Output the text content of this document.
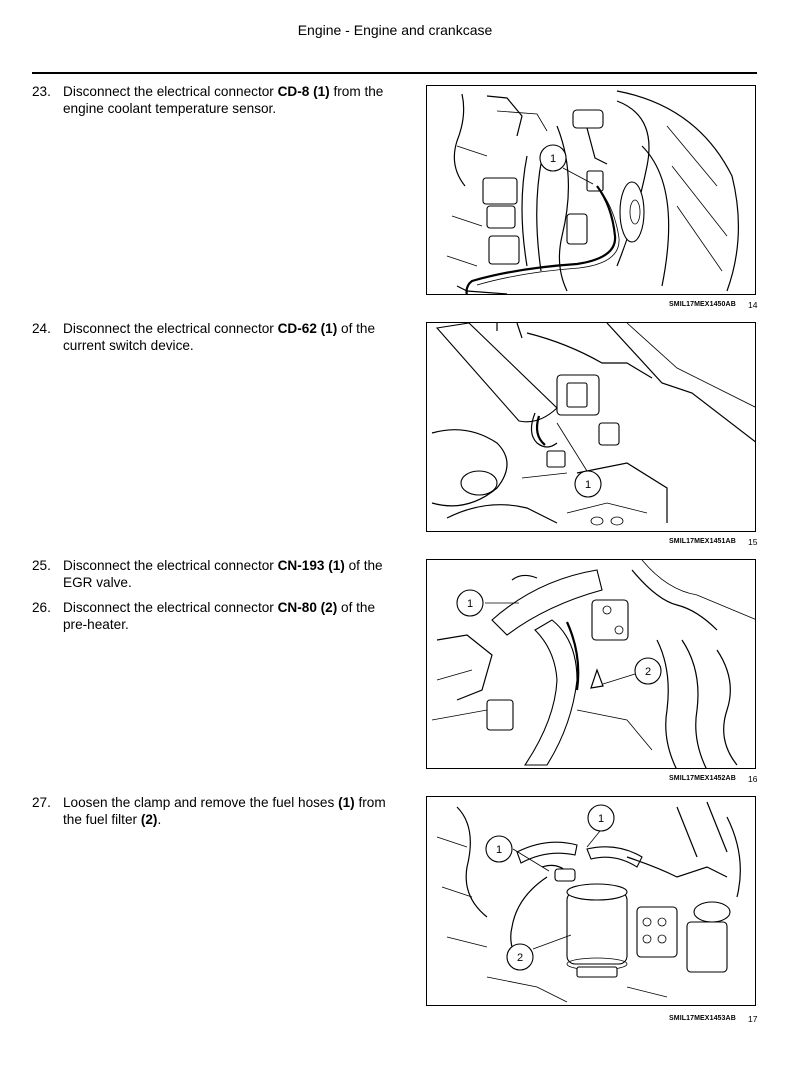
Engine - Engine and crankcase
23. Disconnect the electrical connector CD-8 (1) from the engine coolant temperature sensor.
24. Disconnect the electrical connector CD-62 (1) of the current switch device.
25. Disconnect the electrical connector CN-193 (1) of the EGR valve.
26. Disconnect the electrical connector CN-80 (2) of the pre-heater.
27. Loosen the clamp and remove the fuel hoses (1) from the fuel filter (2).
1
SMIL17MEX1450AB 14
1
SMIL17MEX1451AB 15
1
2
SMIL17MEX1452AB 16
1
1
2
SMIL17MEX1453AB 17
